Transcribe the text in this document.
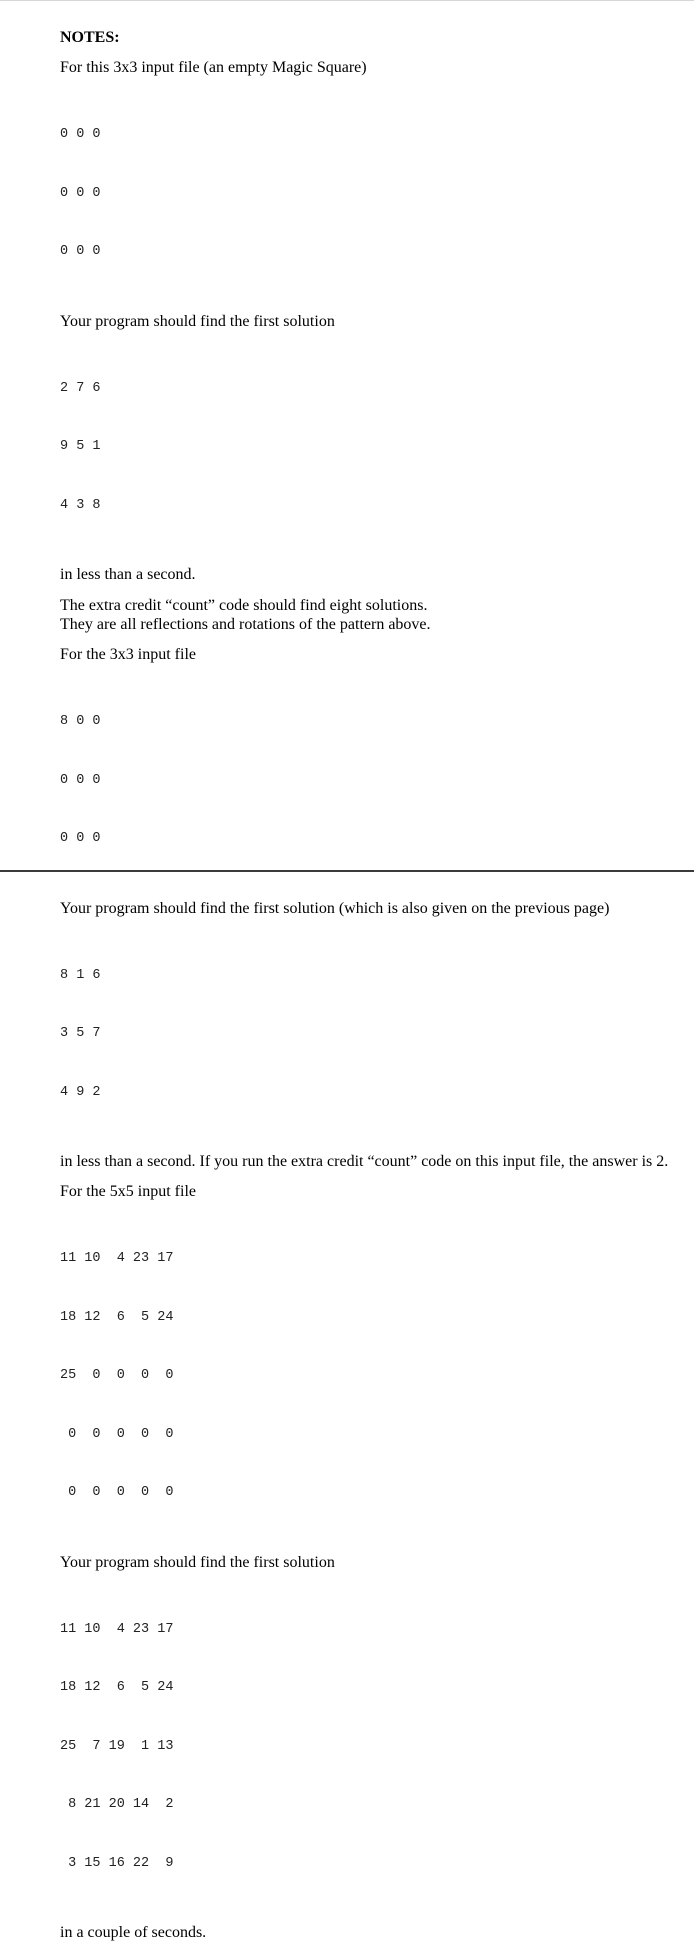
NOTES:

For this 3x3 input file (an empty Magic Square)

0 0 0

0 0 0

0 0 0

Your program should find the first solution

2 7 6

9 5 1

4 3 8

in less than a second.

The extra credit “count” code should find eight solutions.

They are all reflections and rotations of the pattern above.

For the 3x3 input file

8 0 0

0 0 0

0 0 0

Your program should find the first solution (which is also given on the previous page)

8 1 6

3 5 7

4 9 2

in less than a second. If you run the extra credit “count” code on this input file, the answer is 2.

For the 5x5 input file

11 10  4 23 17

18 12  6  5 24

25  0  0  0  0

0  0  0  0  0

0  0  0  0  0

Your program should find the first solution

11 10  4 23 17

18 12  6  5 24

25  7 19  1 13

8 21 20 14  2

3 15 16 22  9

in a couple of seconds.
